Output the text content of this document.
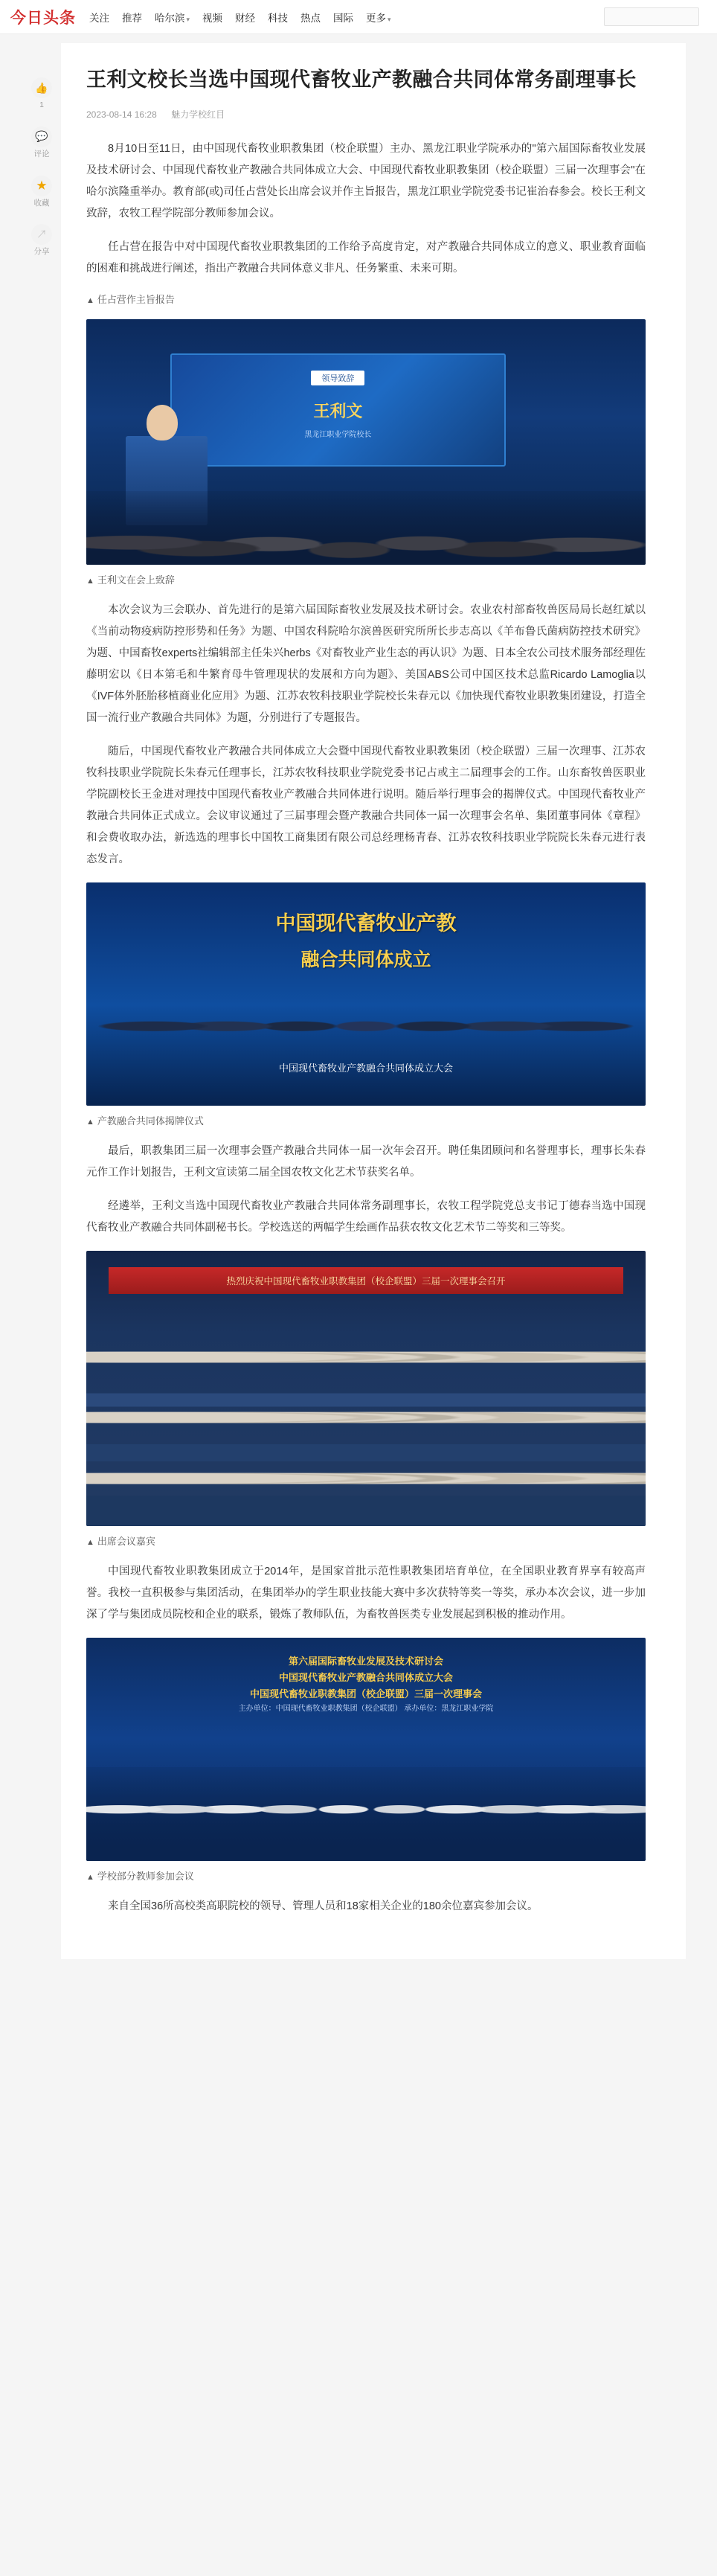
今日头条 关注 推荐 哈尔滨 ▾ 视频 财经 科技 热点 国际 更多 ▾
👍
1
💬
评论
★
收藏
↗
分享
王利文校长当选中国现代畜牧业产教融合共同体常务副理事长
2023-08-14 16:28 魅力学校红目

8月10日至11日，由中国现代畜牧业职教集团（校企联盟）主办、黑龙江职业学院承办的"第六届国际畜牧业发展及技术研讨会、中国现代畜牧业产教融合共同体成立大会、中国现代畜牧业职教集团（校企联盟）三届一次理事会"在哈尔滨隆重举办。教育部(或)司任占营处长出席会议并作主旨报告，黑龙江职业学院党委书记崔治春参会。校长王利文致辞，农牧工程学院部分教师参加会议。

任占营在报告中对中国现代畜牧业职教集团的工作给予高度肯定，对产教融合共同体成立的意义、职业教育面临的困难和挑战进行阐述，指出产教融合共同体意义非凡、任务繁重、未来可期。

▲ 任占营作主旨报告
领导致辞
王利文
黑龙江职业学院校长
▲ 王利文在会上致辞

本次会议为三会联办、首先进行的是第六届国际畜牧业发展及技术研讨会。农业农村部畜牧兽医局局长赵红斌以《当前动物疫病防控形势和任务》为题、中国农科院哈尔滨兽医研究所所长步志高以《羊布鲁氏菌病防控技术研究》为题、中国畜牧experts社编辑部主任朱兴herbs《对畜牧业产业生态的再认识》为题、日本全农公司技术服务部经理佐藤明宏以《日本第毛和牛繁育母牛管理现状的发展和方向为题》、美国ABS公司中国区技术总监Ricardo Lamoglia以《IVF体外胚胎移植商业化应用》为题、江苏农牧科技职业学院校长朱春元以《加快现代畜牧业职教集团建设，打造全国一流行业产教融合共同体》为题，分别进行了专题报告。

随后，中国现代畜牧业产教融合共同体成立大会暨中国现代畜牧业职教集团（校企联盟）三届一次理事、江苏农牧科技职业学院院长朱春元任理事长，江苏农牧科技职业学院党委书记占或主二届理事会的工作。山东畜牧兽医职业学院副校长王金进对理技中国现代畜牧业产教融合共同体进行说明。随后举行理事会的揭牌仪式。中国现代畜牧业产教融合共同体正式成立。会议审议通过了三届事理会暨产教融合共同体一届一次理事会名单、集团董事同体《章程》和会费收取办法，新选选的理事长中国牧工商集团有限公司总经理杨青春、江苏农牧科技职业学院院长朱春元进行表态发言。

中国现代畜牧业产教
融合共同体成立
中国现代畜牧业产教融合共同体成立大会
▲ 产教融合共同体揭牌仪式

最后，职教集团三届一次理事会暨产教融合共同体一届一次年会召开。聘任集团顾问和名誉理事长，理事长朱春元作工作计划报告，王利文宣读第二届全国农牧文化艺术节获奖名单。

经遴举，王利文当选中国现代畜牧业产教融合共同体常务副理事长，农牧工程学院党总支书记丁德春当选中国现代畜牧业产教融合共同体副秘书长。学校选送的两幅学生绘画作品获农牧文化艺术节二等奖和三等奖。

热烈庆祝中国现代畜牧业职教集团（校企联盟）三届一次理事会召开
▲ 出席会议嘉宾

中国现代畜牧业职教集团成立于2014年，是国家首批示范性职教集团培育单位，在全国职业教育界享有较高声誉。我校一直积极参与集团活动，在集团举办的学生职业技能大赛中多次获特等奖一等奖，承办本次会议，进一步加深了学与集团成员院校和企业的联系，锻炼了教师队伍，为畜牧兽医类专业发展起到积极的推动作用。

第六届国际畜牧业发展及技术研讨会
中国现代畜牧业产教融合共同体成立大会
中国现代畜牧业职教集团（校企联盟）三届一次理事会
主办单位：中国现代畜牧业职教集团（校企联盟） 承办单位：黑龙江职业学院
▲ 学校部分教师参加会议

来自全国36所高校类高职院校的领导、管理人员和18家相关企业的180余位嘉宾参加会议。
